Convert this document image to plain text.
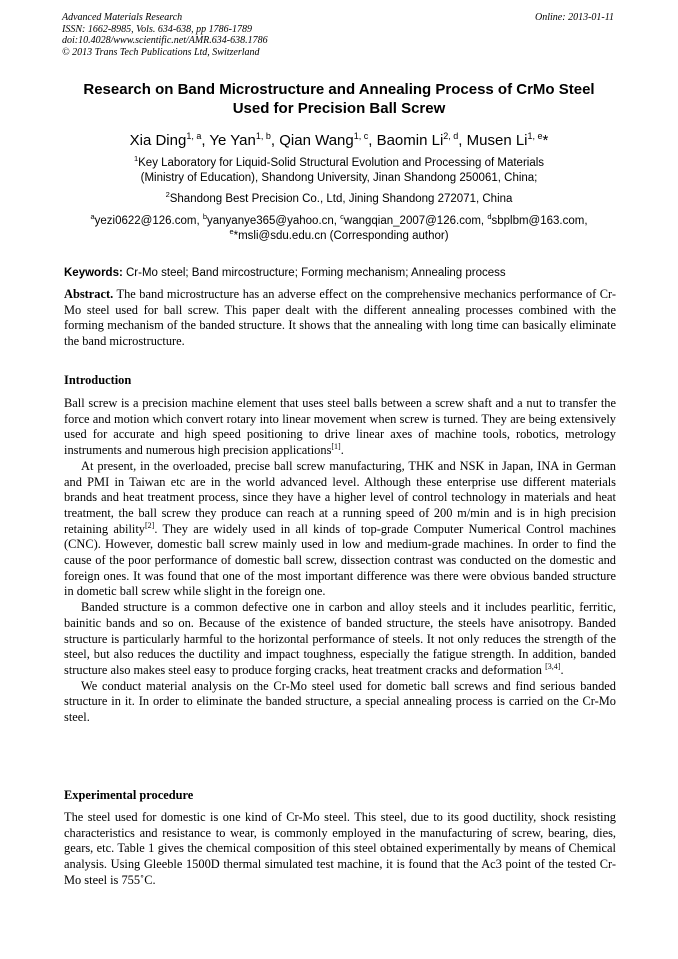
Advanced Materials Research
ISSN: 1662-8985, Vols. 634-638, pp 1786-1789
doi:10.4028/www.scientific.net/AMR.634-638.1786
© 2013 Trans Tech Publications Ltd, Switzerland
Online: 2013-01-11
Research on Band Microstructure and Annealing Process of CrMo Steel
Used for Precision Ball Screw
Xia Ding$^{1, a}$, Ye Yan$^{1, b}$, Qian Wang$^{1, c}$, Baomin Li$^{2, d}$, Musen Li$^{1, e}$*
$^1$Key Laboratory for Liquid-Solid Structural Evolution and Processing of Materials
(Ministry of Education), Shandong University, Jinan Shandong 250061, China;
$^2$Shandong Best Precision Co., Ltd, Jining Shandong 272071, China
$^a$yezi0622@126.com, $^b$yanyanye365@yahoo.cn, $^c$wangqian_2007@126.com, $^d$sbplbm@163.com,
$^e$*msli@sdu.edu.cn (Corresponding author)
Keywords: Cr-Mo steel; Band mircostructure; Forming mechanism; Annealing process

Abstract. The band microstructure has an adverse effect on the comprehensive mechanics performance of Cr-Mo steel used for ball screw. This paper dealt with the different annealing processes combined with the forming mechanism of the banded structure. It shows that the annealing with long time can basically eliminate the band microstructure.

Introduction

Ball screw is a precision machine element that uses steel balls between a screw shaft and a nut to transfer the force and motion which convert rotary into linear movement when screw is turned. They are being extensively used for accurate and high speed positioning to drive linear axes of machine tools, robotics, metrology instruments and numerous high precision applications[1].

At present, in the overloaded, precise ball screw manufacturing, THK and NSK in Japan, INA in German and PMI in Taiwan etc are in the world advanced level. Although these enterprise use different materials brands and heat treatment process, since they have a higher level of control technology in materials and heat treatment, the ball screw they produce can reach at a running speed of 200 m/min and is in high precision retaining ability[2]. They are widely used in all kinds of top-grade Computer Numerical Control machines (CNC). However, domestic ball screw mainly used in low and medium-grade machines. In order to find the cause of the poor performance of domestic ball screw, dissection contrast was conducted on the domestic and foreign ones. It was found that one of the most important difference was there were obvious banded structure in dometic ball screw while slight in the foreign one.

Banded structure is a common defective one in carbon and alloy steels and it includes pearlitic, ferritic, bainitic bands and so on. Because of the existence of banded structure, the steels have anisotropy. Banded structure is particularly harmful to the horizontal performance of steels. It not only reduces the strength of the steel, but also reduces the ductility and impact toughness, especially the fatigue strength. In addition, banded structure also makes steel easy to produce forging cracks, heat treatment cracks and deformation [3,4].

We conduct material analysis on the Cr-Mo steel used for dometic ball screws and find serious banded structure in it. In order to eliminate the banded structure, a special annealing process is carried on the Cr-Mo steel.

Experimental procedure

The steel used for domestic is one kind of Cr-Mo steel. This steel, due to its good ductility, shock resisting characteristics and resistance to wear, is commonly employed in the manufacturing of screw, bearing, dies, gears, etc. Table 1 gives the chemical composition of this steel obtained experimentally by means of Chemical analysis. Using Gleeble 1500D thermal simulated test machine, it is found that the Ac3 point of the tested Cr-Mo steel is 755˚C.
